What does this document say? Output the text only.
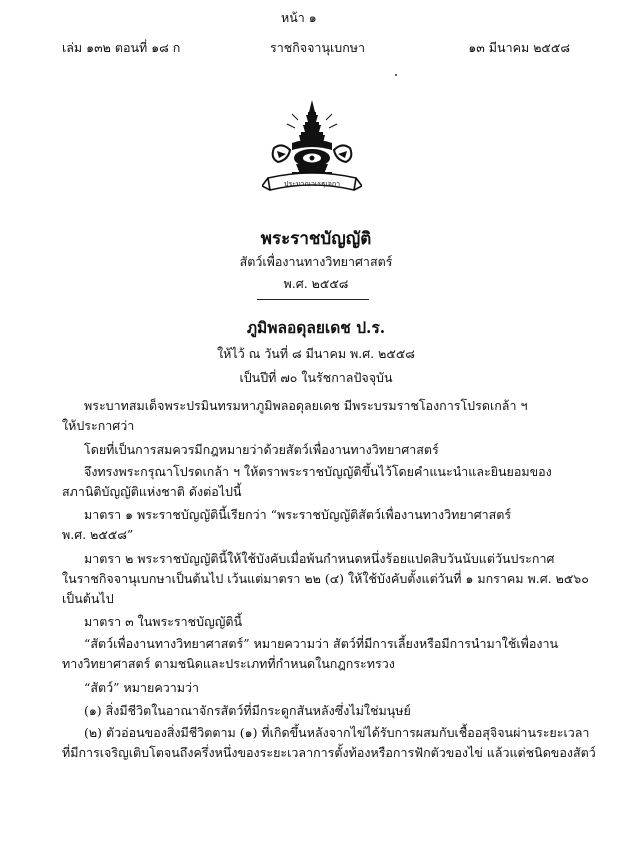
หน้า ๑
เล่ม ๑๓๒ ตอนที่ ๑๘ ก	ราชกิจจานุเบกษา	๑๓ มีนาคม ๒๕๕๘
ประมาณาเรธุเจกา
พระราชบัญญัติ
สัตว์เพื่องานทางวิทยาศาสตร์
พ.ศ. ๒๕๕๘
ภูมิพลอดุลยเดช ป.ร.
ให้ไว้ ณ วันที่ ๘ มีนาคม พ.ศ. ๒๕๕๘
เป็นปีที่ ๗๐ ในรัชกาลปัจจุบัน
พระบาทสมเด็จพระปรมินทรมหาภูมิพลอดุลยเดช มีพระบรมราชโองการโปรดเกล้า ฯ
ให้ประกาศว่า
โดยที่เป็นการสมควรมีกฎหมายว่าด้วยสัตว์เพื่องานทางวิทยาศาสตร์
จึงทรงพระกรุณาโปรดเกล้า ฯ ให้ตราพระราชบัญญัติขึ้นไว้โดยคำแนะนำและยินยอมของ
สภานิติบัญญัติแห่งชาติ ดังต่อไปนี้
มาตรา ๑ พระราชบัญญัตินี้เรียกว่า “พระราชบัญญัติสัตว์เพื่องานทางวิทยาศาสตร์
พ.ศ. ๒๕๕๘”
มาตรา ๒ พระราชบัญญัตินี้ให้ใช้บังคับเมื่อพ้นกำหนดหนึ่งร้อยแปดสิบวันนับแต่วันประกาศ
ในราชกิจจานุเบกษาเป็นต้นไป เว้นแต่มาตรา ๒๒ (๔) ให้ใช้บังคับตั้งแต่วันที่ ๑ มกราคม พ.ศ. ๒๕๖๐
เป็นต้นไป
มาตรา ๓ ในพระราชบัญญัตินี้
“สัตว์เพื่องานทางวิทยาศาสตร์” หมายความว่า สัตว์ที่มีการเลี้ยงหรือมีการนำมาใช้เพื่องาน
ทางวิทยาศาสตร์ ตามชนิดและประเภทที่กำหนดในกฎกระทรวง
“สัตว์” หมายความว่า
(๑) สิ่งมีชีวิตในอาณาจักรสัตว์ที่มีกระดูกสันหลังซึ่งไม่ใช่มนุษย์
(๒) ตัวอ่อนของสิ่งมีชีวิตตาม (๑) ที่เกิดขึ้นหลังจากไข่ได้รับการผสมกับเชื้ออสุจิจนผ่านระยะเวลา
ที่มีการเจริญเติบโตจนถึงครึ่งหนึ่งของระยะเวลาการตั้งท้องหรือการฟักตัวของไข่ แล้วแต่ชนิดของสัตว์
